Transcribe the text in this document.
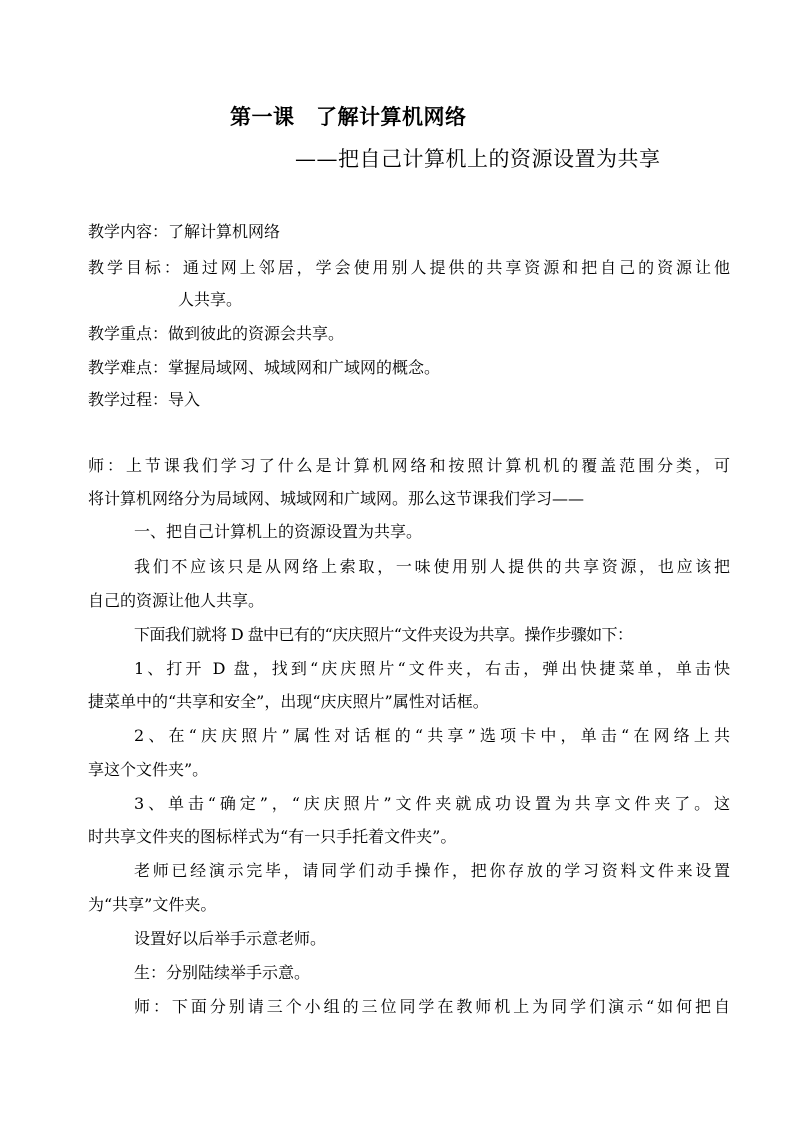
第一课　了解计算机网络
——把自己计算机上的资源设置为共享
教学内容：了解计算机网络
教学目标：通过网上邻居，学会使用别人提供的共享资源和把自己的资源让他
人共享。
教学重点：做到彼此的资源会共享。
教学难点：掌握局域网、城域网和广域网的概念。
教学过程：导入
师：上节课我们学习了什么是计算机网络和按照计算机机的覆盖范围分类，可
将计算机网络分为局域网、城域网和广域网。那么这节课我们学习——
一、把自己计算机上的资源设置为共享。
我们不应该只是从网络上索取，一味使用别人提供的共享资源，也应该把
自己的资源让他人共享。
下面我们就将 D 盘中已有的“庆庆照片“文件夹设为共享。操作步骤如下：
1、打开 D 盘，找到“庆庆照片“文件夹，右击，弹出快捷菜单，单击快
捷菜单中的“共享和安全”，出现“庆庆照片”属性对话框。
2、在“庆庆照片”属性对话框的“共享”选项卡中，单击“在网络上共
享这个文件夹”。
3、单击“确定”，“庆庆照片”文件夹就成功设置为共享文件夹了。这
时共享文件夹的图标样式为“有一只手托着文件夹”。
老师已经演示完毕，请同学们动手操作，把你存放的学习资料文件来设置
为“共享”文件夹。
设置好以后举手示意老师。
生：分别陆续举手示意。
师：下面分别请三个小组的三位同学在教师机上为同学们演示“如何把自
